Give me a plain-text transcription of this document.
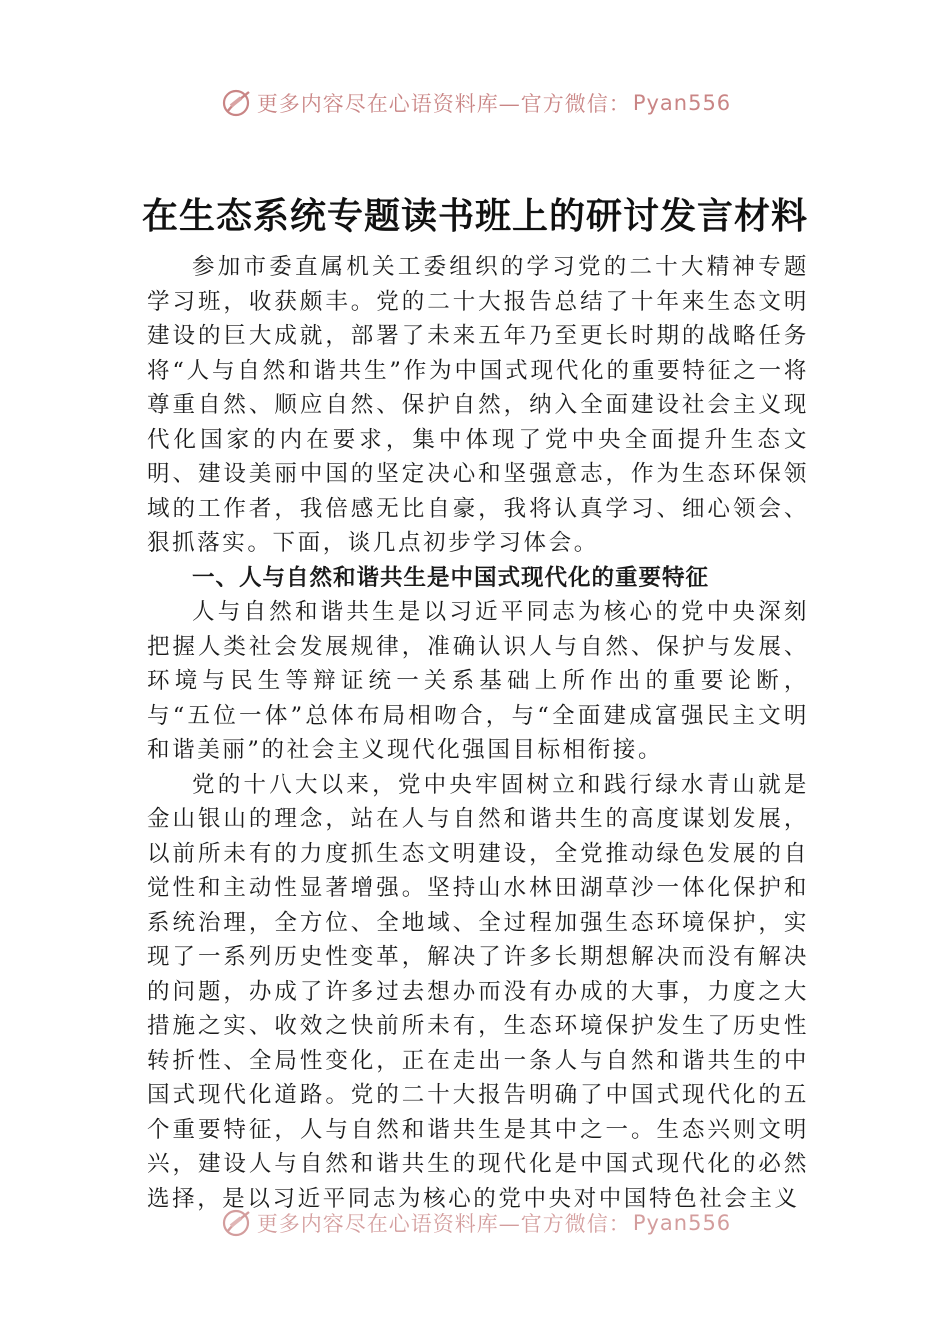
更多内容尽在心语资料库—官方微信： Pyan556
在生态系统专题读书班上的研讨发言材料

参加市委直属机关工委组织的学习党的二十大精神专题学习班，收获颇丰。党的二十大报告总结了十年来生态文明建设的巨大成就，部署了未来五年乃至更长时期的战略任务将“人与自然和谐共生”作为中国式现代化的重要特征之一将尊重自然、顺应自然、保护自然，纳入全面建设社会主义现代化国家的内在要求，集中体现了党中央全面提升生态文明、建设美丽中国的坚定决心和坚强意志，作为生态环保领域的工作者，我倍感无比自豪，我将认真学习、细心领会、狠抓落实。下面，谈几点初步学习体会。

一、人与自然和谐共生是中国式现代化的重要特征

人与自然和谐共生是以习近平同志为核心的党中央深刻把握人类社会发展规律，准确认识人与自然、保护与发展、环境与民生等辩证统一关系基础上所作出的重要论断，与“五位一体”总体布局相吻合，与“全面建成富强民主文明和谐美丽”的社会主义现代化强国目标相衔接。

党的十八大以来，党中央牢固树立和践行绿水青山就是金山银山的理念，站在人与自然和谐共生的高度谋划发展，以前所未有的力度抓生态文明建设，全党推动绿色发展的自觉性和主动性显著增强。坚持山水林田湖草沙一体化保护和系统治理，全方位、全地域、全过程加强生态环境保护，实现了一系列历史性变革，解决了许多长期想解决而没有解决的问题，办成了许多过去想办而没有办成的大事，力度之大措施之实、收效之快前所未有，生态环境保护发生了历史性转折性、全局性变化，正在走出一条人与自然和谐共生的中国式现代化道路。党的二十大报告明确了中国式现代化的五个重要特征，人与自然和谐共生是其中之一。生态兴则文明兴，建设人与自然和谐共生的现代化是中国式现代化的必然选择，是以习近平同志为核心的党中央对中国特色社会主义

更多内容尽在心语资料库—官方微信： Pyan556
